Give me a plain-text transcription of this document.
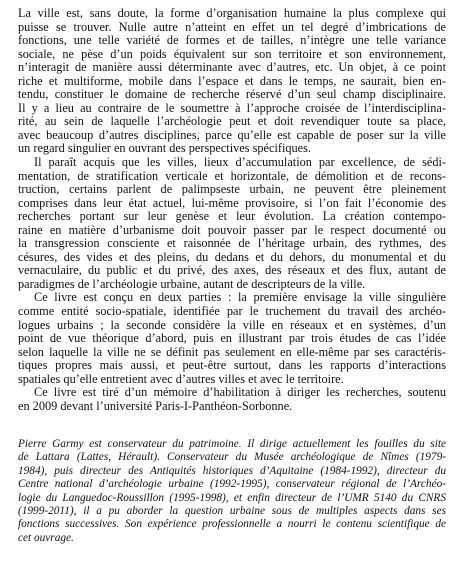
La ville est, sans doute, la forme d’organisation humaine la plus complexe qui
puisse se trouver. Nulle autre n’atteint en effet un tel degré d’imbrications de
fonctions, une telle variété de formes et de tailles, n’intègre une telle variance
sociale, ne pèse d’un poids équivalent sur son territoire et son environnement,
n’interagit de manière aussi déterminante avec d’autres, etc. Un objet, à ce point
riche et multiforme, mobile dans l’espace et dans le temps, ne saurait, bien en-
tendu, constituer le domaine de recherche réservé d’un seul champ disciplinaire.
Il y a lieu au contraire de le soumettre à l’approche croisée de l’interdisciplina-
rité, au sein de laquelle l’archéologie peut et doit revendiquer toute sa place,
avec beaucoup d’autres disciplines, parce qu’elle est capable de poser sur la ville
un regard singulier en ouvrant des perspectives spécifiques.
Il paraît acquis que les villes, lieux d’accumulation par excellence, de sédi-
mentation, de stratification verticale et horizontale, de démolition et de recons-
truction, certains parlent de palimpseste urbain, ne peuvent être pleinement
comprises dans leur état actuel, lui-même provisoire, si l’on fait l’économie des
recherches portant sur leur genèse et leur évolution. La création contempo-
raine en matière d’urbanisme doit pouvoir passer par le respect documenté ou
la transgression consciente et raisonnée de l’héritage urbain, des rythmes, des
césures, des vides et des pleins, du dedans et du dehors, du monumental et du
vernaculaire, du public et du privé, des axes, des réseaux et des flux, autant de
paradigmes de l’archéologie urbaine, autant de descripteurs de la ville.
Ce livre est conçu en deux parties : la première envisage la ville singulière
comme entité socio-spatiale, identifiée par le truchement du travail des archéo-
logues urbains ; la seconde considère la ville en réseaux et en systèmes, d’un
point de vue théorique d’abord, puis en illustrant par trois études de cas l’idée
selon laquelle la ville ne se définit pas seulement en elle-même par ses caractéris-
tiques propres mais aussi, et peut-être surtout, dans les rapports d’interactions
spatiales qu’elle entretient avec d’autres villes et avec le territoire.
Ce livre est tiré d’un mémoire d’habilitation à diriger les recherches, soutenu
en 2009 devant l’université Paris-I-Panthéon-Sorbonne.
Pierre Garmy est conservateur du patrimoine. Il dirige actuellement les fouilles du site
de Lattara (Lattes, Hérault). Conservateur du Musée archéologique de Nîmes (1979-
1984), puis directeur des Antiquités historiques d’Aquitaine (1984-1992), directeur du
Centre national d’archéologie urbaine (1992-1995), conservateur régional de l’Archéo-
logie du Languedoc-Roussillon (1995-1998), et enfin directeur de l’UMR 5140 du CNRS
(1999-2011), il a pu aborder la question urbaine sous de multiples aspects dans ses
fonctions successives. Son expérience professionnelle a nourri le contenu scientifique de
cet ouvrage.
